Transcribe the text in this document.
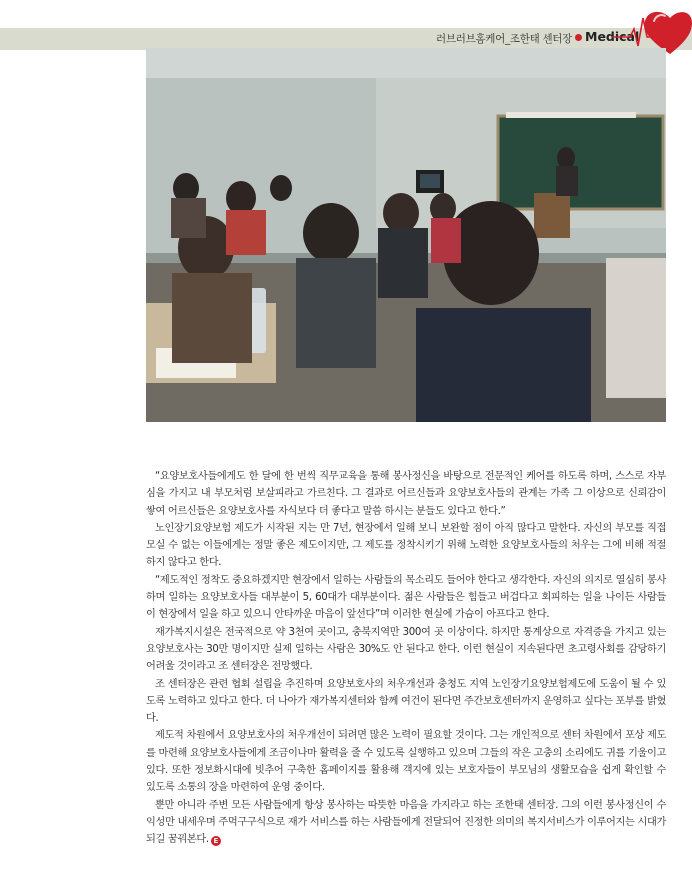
러브러브홈케어_조한태 센터장 Medical

“요양보호사들에게도 한 달에 한 번씩 직무교육을 통해 봉사정신을 바탕으로 전문적인 케어를 하도록 하며, 스스로 자부심을 가지고 내 부모처럼 보살피라고 가르친다. 그 결과로 어르신들과 요양보호사들의 관계는 가족 그 이상으로 신뢰감이 쌓여 어르신들은 요양보호사를 자식보다 더 좋다고 말씀 하시는 분들도 있다고 한다.”

노인장기요양보험 제도가 시작된 지는 만 7년, 현장에서 일해 보니 보완할 점이 아직 많다고 말한다. 자신의 부모를 직접 모실 수 없는 이들에게는 정말 좋은 제도이지만, 그 제도를 정착시키기 위해 노력한 요양보호사들의 처우는 그에 비해 적절하지 않다고 한다.

“제도적인 정착도 중요하겠지만 현장에서 일하는 사람들의 목소리도 들어야 한다고 생각한다. 자신의 의지로 열심히 봉사하며 일하는 요양보호사들 대부분이 5, 60대가 대부분이다. 젊은 사람들은 힘들고 버겁다고 회피하는 일을 나이든 사람들이 현장에서 일을 하고 있으니 안타까운 마음이 앞선다”며 이러한 현실에 가슴이 아프다고 한다.

재가복지시설은 전국적으로 약 3천여 곳이고, 충북지역만 300여 곳 이상이다. 하지만 통계상으로 자격증을 가지고 있는 요양보호사는 30만 명이지만 실제 일하는 사람은 30%도 안 된다고 한다. 이런 현실이 지속된다면 초고령사회를 감당하기 어려울 것이라고 조 센터장은 전망했다.

조 센터장은 관련 협회 설립을 추진하며 요양보호사의 처우개선과 충청도 지역 노인장기요양보험제도에 도움이 될 수 있도록 노력하고 있다고 한다. 더 나아가 재가복지센터와 함께 여건이 된다면 주간보호센터까지 운영하고 싶다는 포부를 밝혔다.

제도적 차원에서 요양보호사의 처우개선이 되려면 많은 노력이 필요할 것이다. 그는 개인적으로 센터 차원에서 포상 제도를 마련해 요양보호사들에게 조금이나마 활력을 줄 수 있도록 실행하고 있으며 그들의 작은 고충의 소리에도 귀를 기울이고 있다. 또한 정보화시대에 빗추어 구축한 홈페이지를 활용해 객지에 있는 보호자들이 부모님의 생활모습을 쉽게 확인할 수 있도록 소통의 장을 마련하여 운영 중이다.

뿐만 아니라 주변 모든 사람들에게 항상 봉사하는 따뜻한 마음을 가지라고 하는 조한태 센터장. 그의 이런 봉사정신이 수익성만 내세우며 주먹구구식으로 재가 서비스를 하는 사람들에게 전달되어 진정한 의미의 복지서비스가 이루어지는 시대가 되길 꿈꿔본다. E
